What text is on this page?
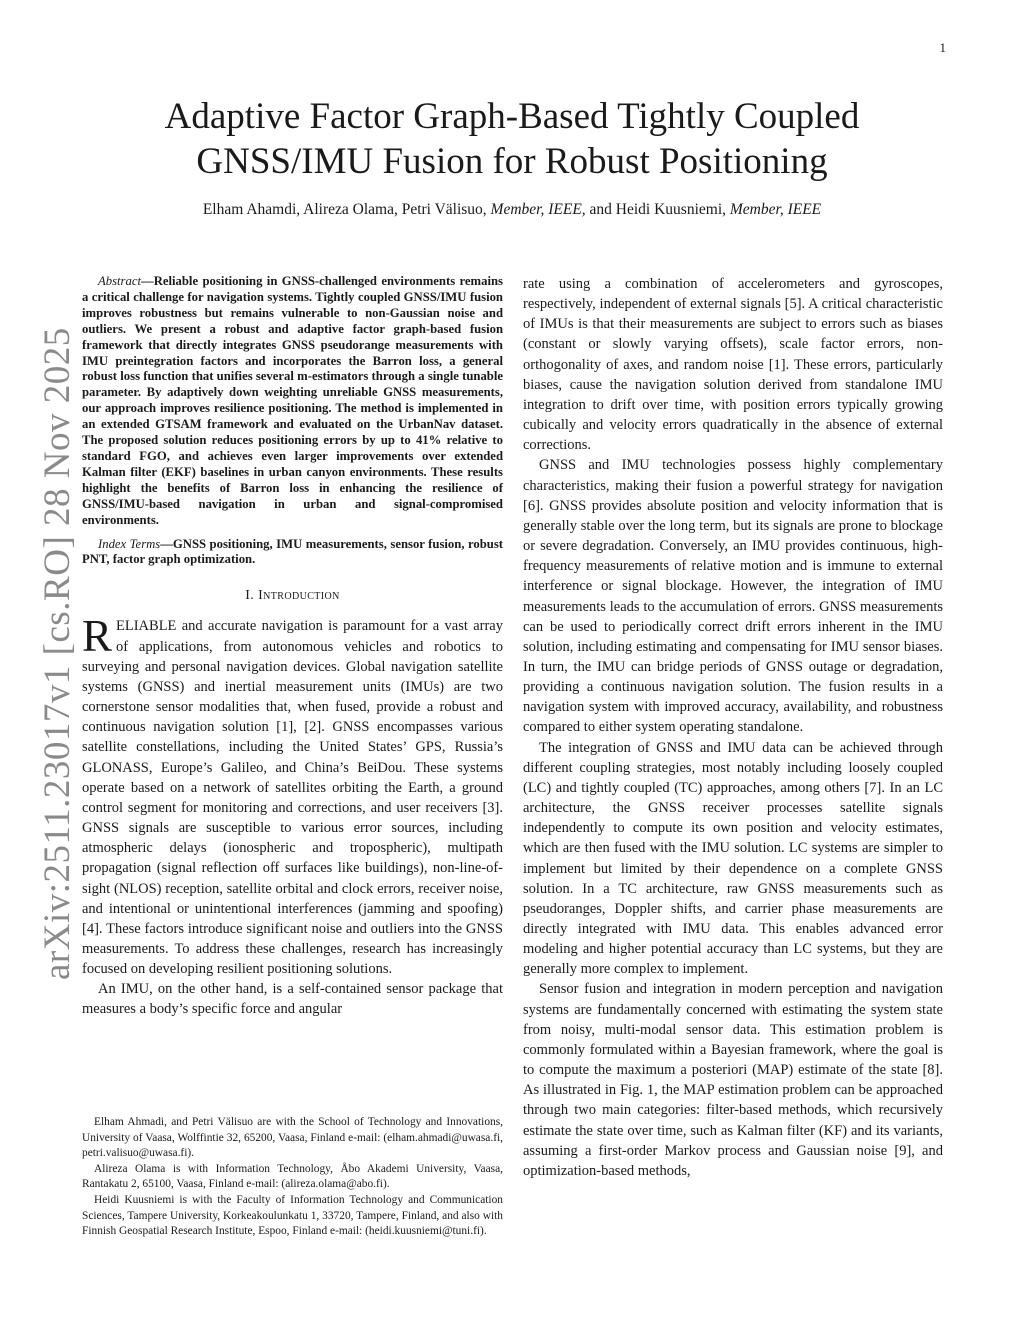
1
arXiv:2511.23017v1 [cs.RO] 28 Nov 2025
Adaptive Factor Graph-Based Tightly Coupled GNSS/IMU Fusion for Robust Positioning
Elham Ahamdi, Alireza Olama, Petri Välisuo, Member, IEEE, and Heidi Kuusniemi, Member, IEEE

Abstract—Reliable positioning in GNSS-challenged environments remains a critical challenge for navigation systems. Tightly coupled GNSS/IMU fusion improves robustness but remains vulnerable to non-Gaussian noise and outliers. We present a robust and adaptive factor graph-based fusion framework that directly integrates GNSS pseudorange measurements with IMU preintegration factors and incorporates the Barron loss, a general robust loss function that unifies several m-estimators through a single tunable parameter. By adaptively down weighting unreliable GNSS measurements, our approach improves resilience positioning. The method is implemented in an extended GTSAM framework and evaluated on the UrbanNav dataset. The proposed solution reduces positioning errors by up to 41% relative to standard FGO, and achieves even larger improvements over extended Kalman filter (EKF) baselines in urban canyon environments. These results highlight the benefits of Barron loss in enhancing the resilience of GNSS/IMU-based navigation in urban and signal-compromised environments.

Index Terms—GNSS positioning, IMU measurements, sensor fusion, robust PNT, factor graph optimization.

I. Introduction

RELIABLE and accurate navigation is paramount for a vast array of applications, from autonomous vehicles and robotics to surveying and personal navigation devices. Global navigation satellite systems (GNSS) and inertial measurement units (IMUs) are two cornerstone sensor modalities that, when fused, provide a robust and continuous navigation solution [1], [2]. GNSS encompasses various satellite constellations, including the United States’ GPS, Russia’s GLONASS, Europe’s Galileo, and China’s BeiDou. These systems operate based on a network of satellites orbiting the Earth, a ground control segment for monitoring and corrections, and user receivers [3]. GNSS signals are susceptible to various error sources, including atmospheric delays (ionospheric and tropospheric), multipath propagation (signal reflection off surfaces like buildings), non-line-of-sight (NLOS) reception, satellite orbital and clock errors, receiver noise, and intentional or unintentional interferences (jamming and spoofing) [4]. These factors introduce significant noise and outliers into the GNSS measurements. To address these challenges, research has increasingly focused on developing resilient positioning solutions.

An IMU, on the other hand, is a self-contained sensor package that measures a body’s specific force and angular

Elham Ahmadi, and Petri Välisuo are with the School of Technology and Innovations, University of Vaasa, Wolffintie 32, 65200, Vaasa, Finland e-mail: (elham.ahmadi@uwasa.fi, petri.valisuo@uwasa.fi).

Alireza Olama is with Information Technology, Åbo Akademi University, Vaasa, Rantakatu 2, 65100, Vaasa, Finland e-mail: (alireza.olama@abo.fi).

Heidi Kuusniemi is with the Faculty of Information Technology and Communication Sciences, Tampere University, Korkeakoulunkatu 1, 33720, Tampere, Finland, and also with Finnish Geospatial Research Institute, Espoo, Finland e-mail: (heidi.kuusniemi@tuni.fi).

rate using a combination of accelerometers and gyroscopes, respectively, independent of external signals [5]. A critical characteristic of IMUs is that their measurements are subject to errors such as biases (constant or slowly varying offsets), scale factor errors, non-orthogonality of axes, and random noise [1]. These errors, particularly biases, cause the navigation solution derived from standalone IMU integration to drift over time, with position errors typically growing cubically and velocity errors quadratically in the absence of external corrections.

GNSS and IMU technologies possess highly complementary characteristics, making their fusion a powerful strategy for navigation [6]. GNSS provides absolute position and velocity information that is generally stable over the long term, but its signals are prone to blockage or severe degradation. Conversely, an IMU provides continuous, high-frequency measurements of relative motion and is immune to external interference or signal blockage. However, the integration of IMU measurements leads to the accumulation of errors. GNSS measurements can be used to periodically correct drift errors inherent in the IMU solution, including estimating and compensating for IMU sensor biases. In turn, the IMU can bridge periods of GNSS outage or degradation, providing a continuous navigation solution. The fusion results in a navigation system with improved accuracy, availability, and robustness compared to either system operating standalone.

The integration of GNSS and IMU data can be achieved through different coupling strategies, most notably including loosely coupled (LC) and tightly coupled (TC) approaches, among others [7]. In an LC architecture, the GNSS receiver processes satellite signals independently to compute its own position and velocity estimates, which are then fused with the IMU solution. LC systems are simpler to implement but limited by their dependence on a complete GNSS solution. In a TC architecture, raw GNSS measurements such as pseudoranges, Doppler shifts, and carrier phase measurements are directly integrated with IMU data. This enables advanced error modeling and higher potential accuracy than LC systems, but they are generally more complex to implement.

Sensor fusion and integration in modern perception and navigation systems are fundamentally concerned with estimating the system state from noisy, multi-modal sensor data. This estimation problem is commonly formulated within a Bayesian framework, where the goal is to compute the maximum a posteriori (MAP) estimate of the state [8]. As illustrated in Fig. 1, the MAP estimation problem can be approached through two main categories: filter-based methods, which recursively estimate the state over time, such as Kalman filter (KF) and its variants, assuming a first-order Markov process and Gaussian noise [9], and optimization-based methods,
